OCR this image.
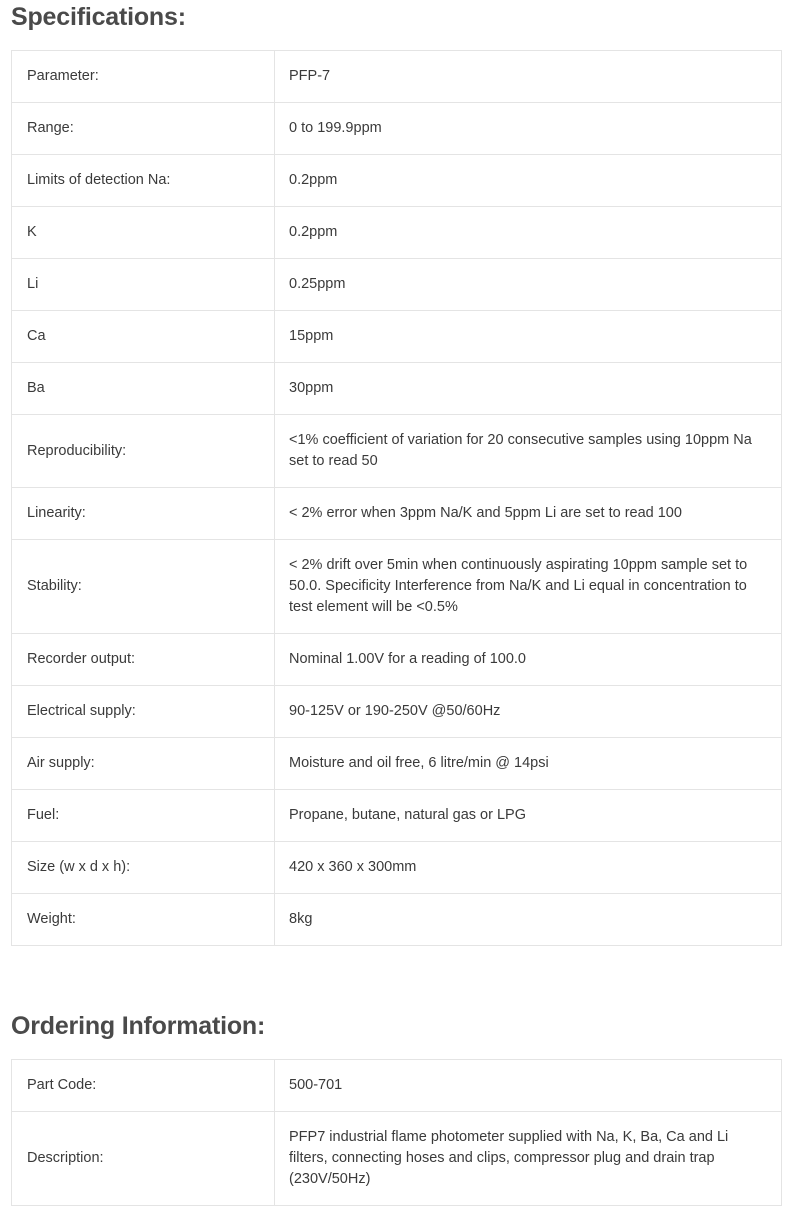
Specifications:
Parameter:	PFP-7
Range:	0 to 199.9ppm
Limits of detection Na:	0.2ppm
K	0.2ppm
Li	0.25ppm
Ca	15ppm
Ba	30ppm
Reproducibility:	<1% coefficient of variation for 20 consecutive samples using 10ppm Na set to read 50
Linearity:	< 2% error when 3ppm Na/K and 5ppm Li are set to read 100
Stability:	< 2% drift over 5min when continuously aspirating 10ppm sample set to 50.0. Specificity Interference from Na/K and Li equal in concentration to test element will be <0.5%
Recorder output:	Nominal 1.00V for a reading of 100.0
Electrical supply:	90-125V or 190-250V @50/60Hz
Air supply:	Moisture and oil free, 6 litre/min @ 14psi
Fuel:	Propane, butane, natural gas or LPG
Size (w x d x h):	420 x 360 x 300mm
Weight:	8kg
Ordering Information:
Part Code:	500-701
Description:	PFP7 industrial flame photometer supplied with Na, K, Ba, Ca and Li filters, connecting hoses and clips, compressor plug and drain trap (230V/50Hz)
